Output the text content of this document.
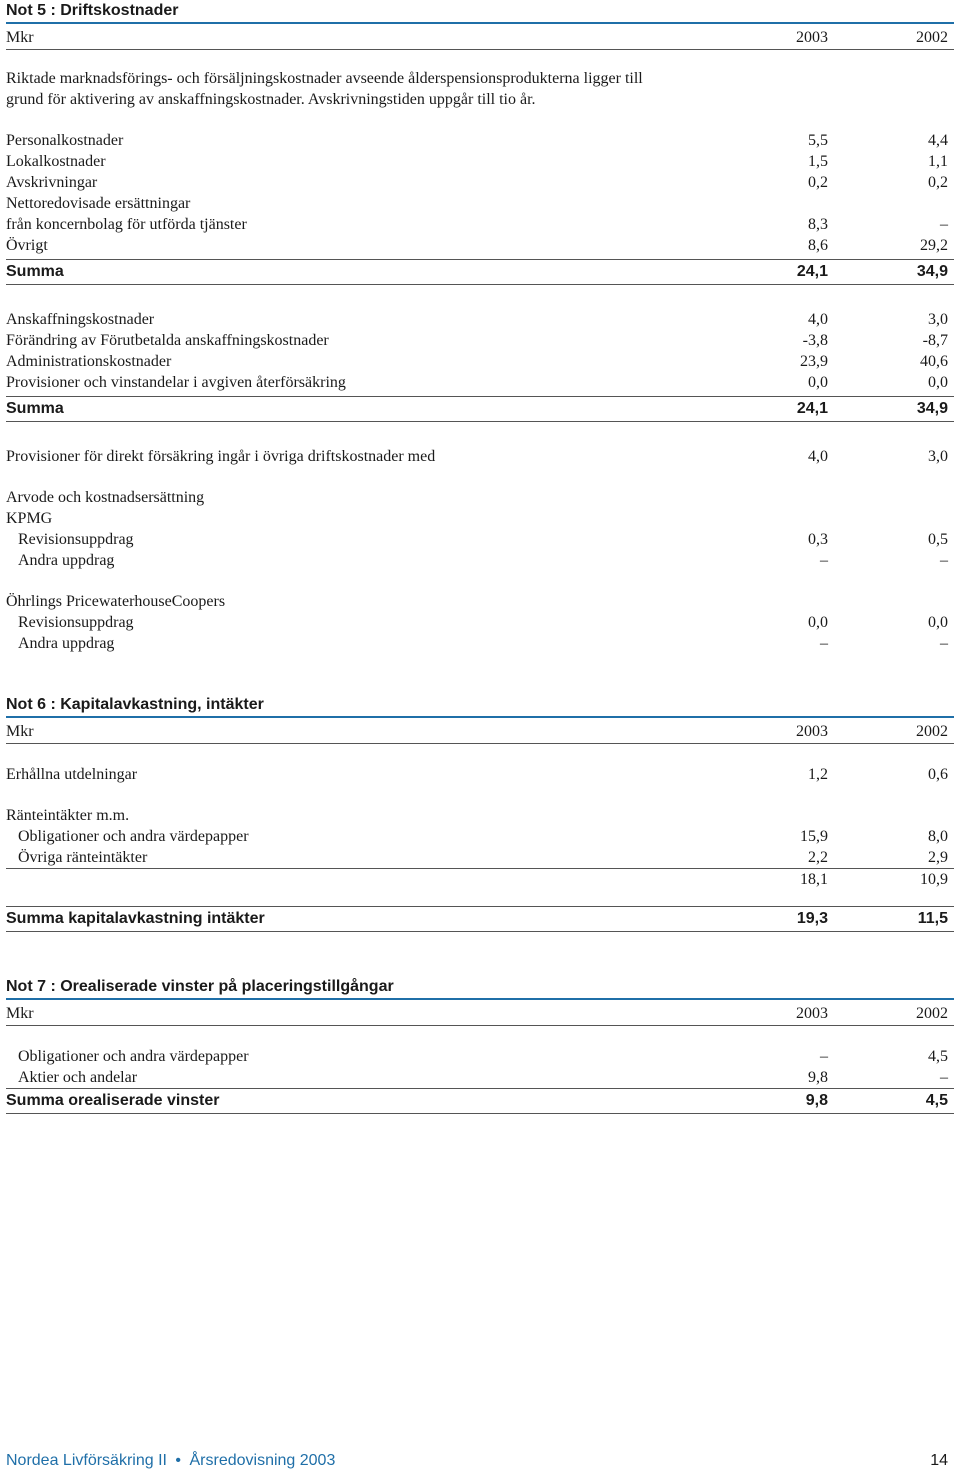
Not 5 : Driftskostnader
Mkr	2003	2002
Riktade marknadsförings- och försäljningskostnader avseende ålderspensionsprodukterna ligger till
grund för aktivering av anskaffningskostnader. Avskrivningstiden uppgår till tio år.
Personalkostnader	5,5	4,4
Lokalkostnader	1,5	1,1
Avskrivningar	0,2	0,2
Nettoredovisade ersättningar
från koncernbolag för utförda tjänster	8,3	–
Övrigt	8,6	29,2
Summa	24,1	34,9
Anskaffningskostnader	4,0	3,0
Förändring av Förutbetalda anskaffningskostnader	-3,8	-8,7
Administrationskostnader	23,9	40,6
Provisioner och vinstandelar i avgiven återförsäkring	0,0	0,0
Summa	24,1	34,9
Provisioner för direkt försäkring ingår i övriga driftskostnader med	4,0	3,0
Arvode och kostnadsersättning
KPMG
Revisionsuppdrag	0,3	0,5
Andra uppdrag	–	–
Öhrlings PricewaterhouseCoopers
Revisionsuppdrag	0,0	0,0
Andra uppdrag	–	–
Not 6 : Kapitalavkastning, intäkter
Mkr	2003	2002
Erhållna utdelningar	1,2	0,6
Ränteintäkter m.m.
Obligationer och andra värdepapper	15,9	8,0
Övriga ränteintäkter	2,2	2,9
18,1	10,9
Summa kapitalavkastning intäkter	19,3	11,5
Not 7 : Orealiserade vinster på placeringstillgångar
Mkr	2003	2002
Obligationer och andra värdepapper	–	4,5
Aktier och andelar	9,8	–
Summa orealiserade vinster	9,8	4,5
Nordea Livförsäkring II • Årsredovisning 2003	14
